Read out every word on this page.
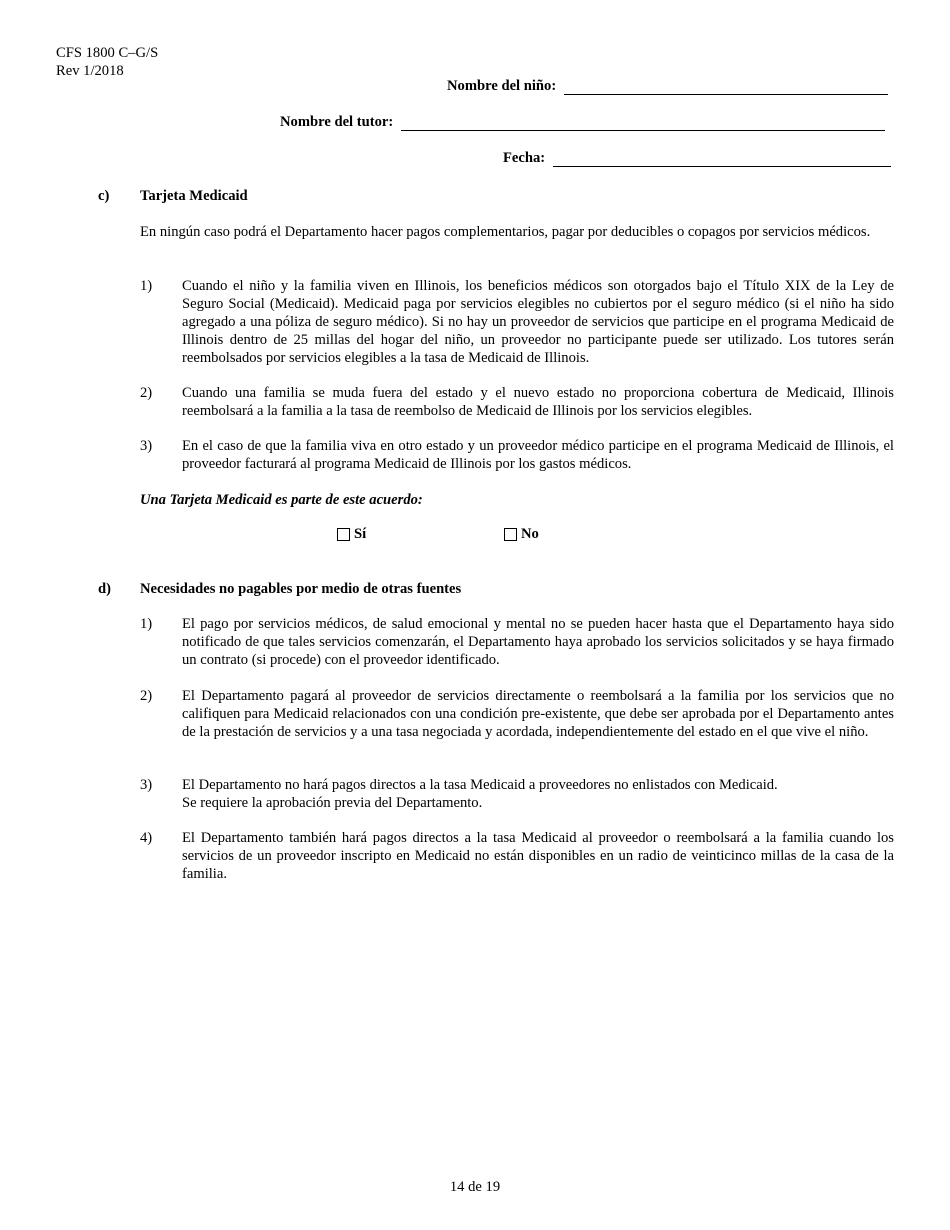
CFS 1800 C–G/S
Rev 1/2018
Nombre del niño:
Nombre del tutor:
Fecha:
c) Tarjeta Medicaid
En ningún caso podrá el Departamento hacer pagos complementarios, pagar por deducibles o copagos por servicios médicos.
1)	Cuando el niño y la familia viven en Illinois, los beneficios médicos son otorgados bajo el Título XIX de la Ley de Seguro Social (Medicaid). Medicaid paga por servicios elegibles no cubiertos por el seguro médico (si el niño ha sido agregado a una póliza de seguro médico). Si no hay un proveedor de servicios que participe en el programa Medicaid de Illinois dentro de 25 millas del hogar del niño, un proveedor no participante puede ser utilizado. Los tutores serán reembolsados por servicios elegibles a la tasa de Medicaid de Illinois.
2)	Cuando una familia se muda fuera del estado y el nuevo estado no proporciona cobertura de Medicaid, Illinois reembolsará a la familia a la tasa de reembolso de Medicaid de Illinois por los servicios elegibles.
3)	En el caso de que la familia viva en otro estado y un proveedor médico participe en el programa Medicaid de Illinois, el proveedor facturará al programa Medicaid de Illinois por los gastos médicos.
Una Tarjeta Medicaid es parte de este acuerdo:
Sí	No
d) Necesidades no pagables por medio de otras fuentes
1)	El pago por servicios médicos, de salud emocional y mental no se pueden hacer hasta que el Departamento haya sido notificado de que tales servicios comenzarán, el Departamento haya aprobado los servicios solicitados y se haya firmado un contrato (si procede) con el proveedor identificado.
2)	El Departamento pagará al proveedor de servicios directamente o reembolsará a la familia por los servicios que no califiquen para Medicaid relacionados con una condición pre-existente, que debe ser aprobada por el Departamento antes de la prestación de servicios y a una tasa negociada y acordada, independientemente del estado en el que vive el niño.
3)	El Departamento no hará pagos directos a la tasa Medicaid a proveedores no enlistados con Medicaid.
Se requiere la aprobación previa del Departamento.
4)	El Departamento también hará pagos directos a la tasa Medicaid al proveedor o reembolsará a la familia cuando los servicios de un proveedor inscripto en Medicaid no están disponibles en un radio de veinticinco millas de la casa de la familia.
14 de 19
